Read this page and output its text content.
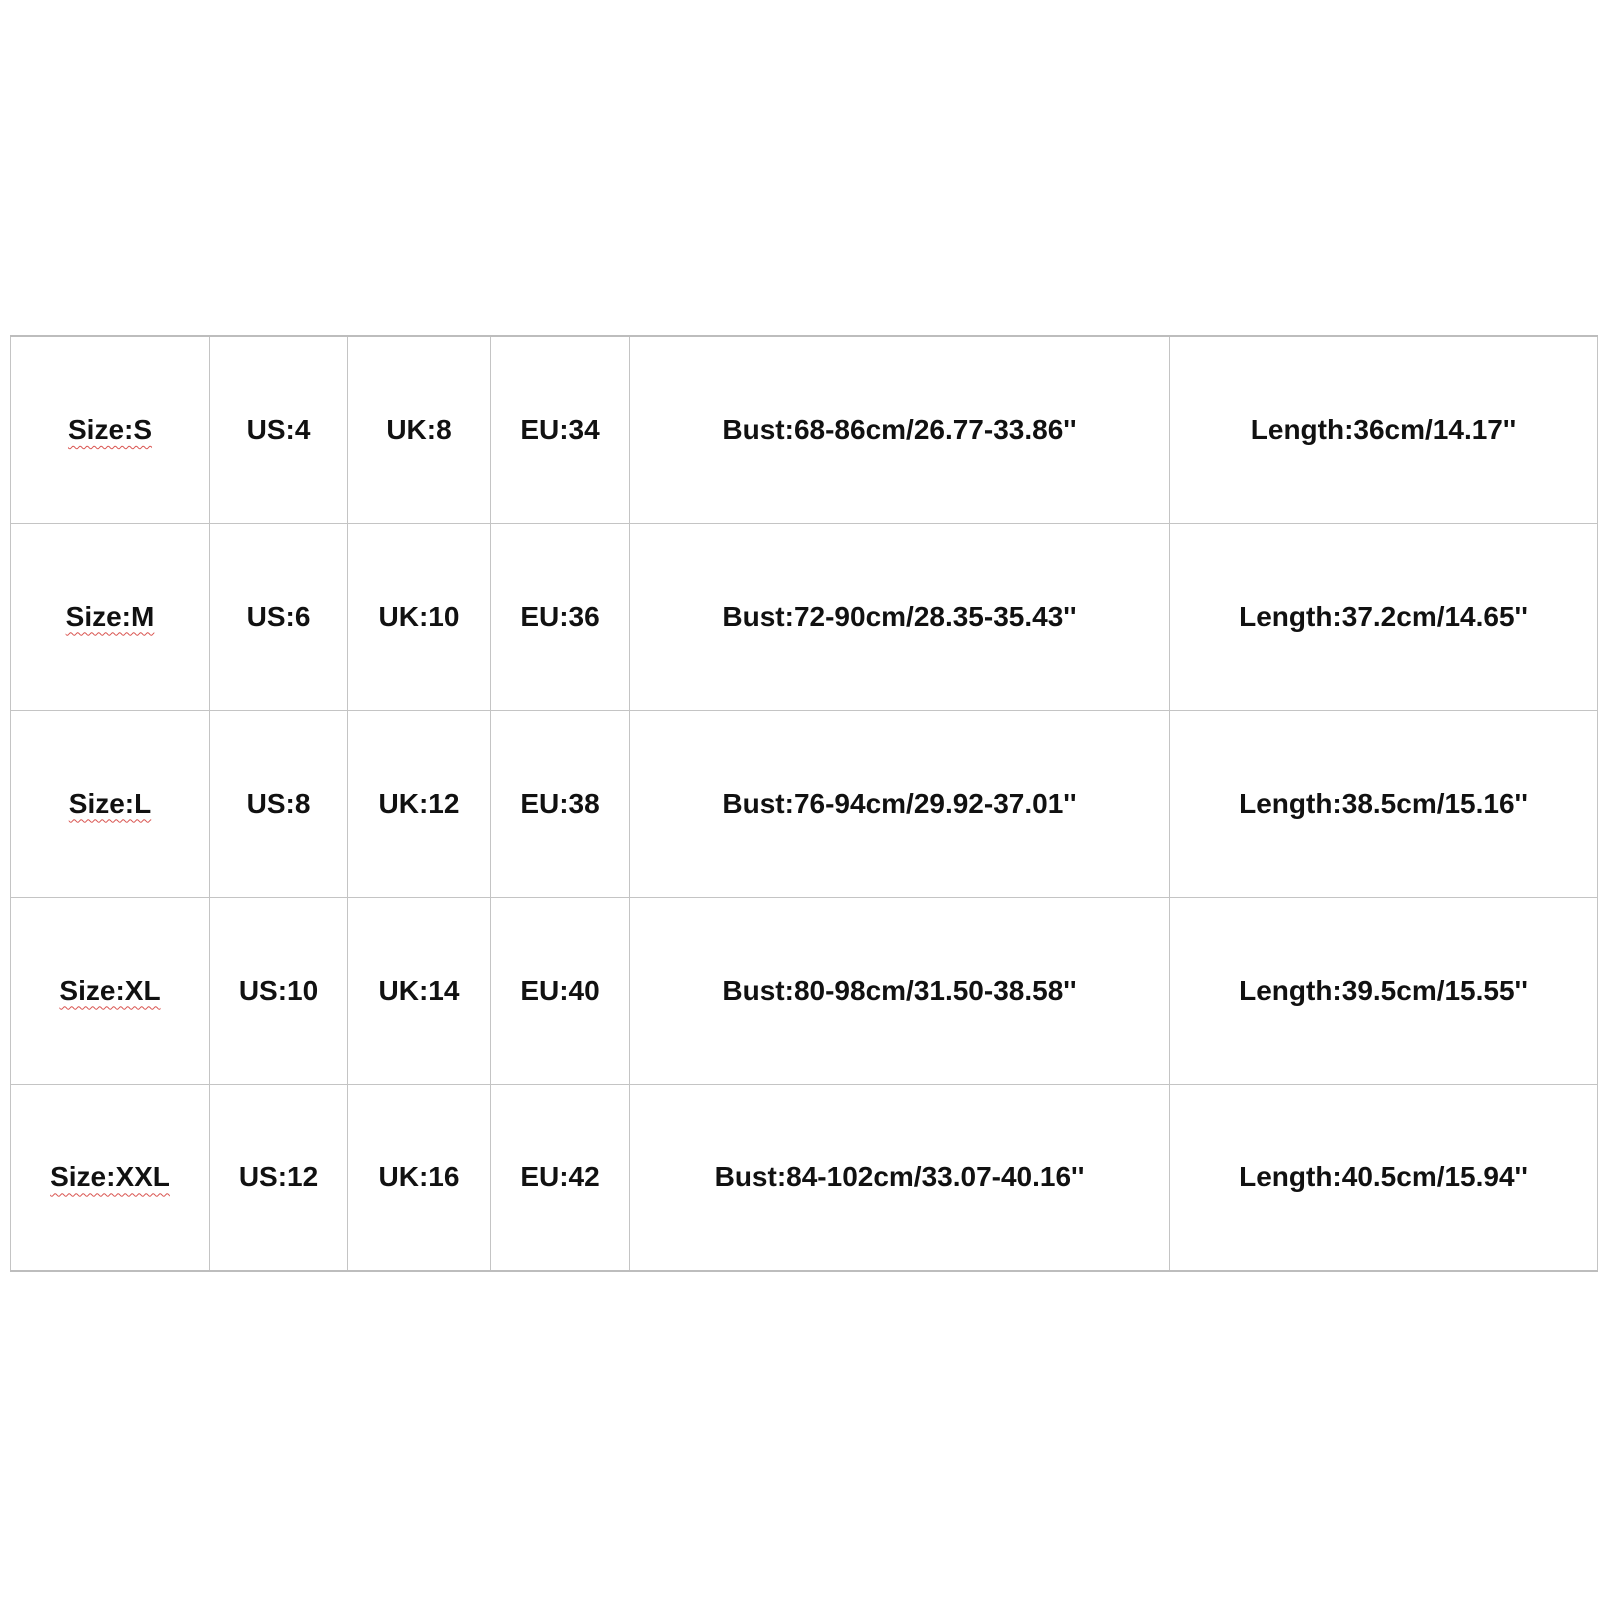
Size:S	US:4	UK:8	EU:34	Bust:68-86cm/26.77-33.86''	Length:36cm/14.17''
Size:M	US:6	UK:10	EU:36	Bust:72-90cm/28.35-35.43''	Length:37.2cm/14.65''
Size:L	US:8	UK:12	EU:38	Bust:76-94cm/29.92-37.01''	Length:38.5cm/15.16''
Size:XL	US:10	UK:14	EU:40	Bust:80-98cm/31.50-38.58''	Length:39.5cm/15.55''
Size:XXL	US:12	UK:16	EU:42	Bust:84-102cm/33.07-40.16''	Length:40.5cm/15.94''
